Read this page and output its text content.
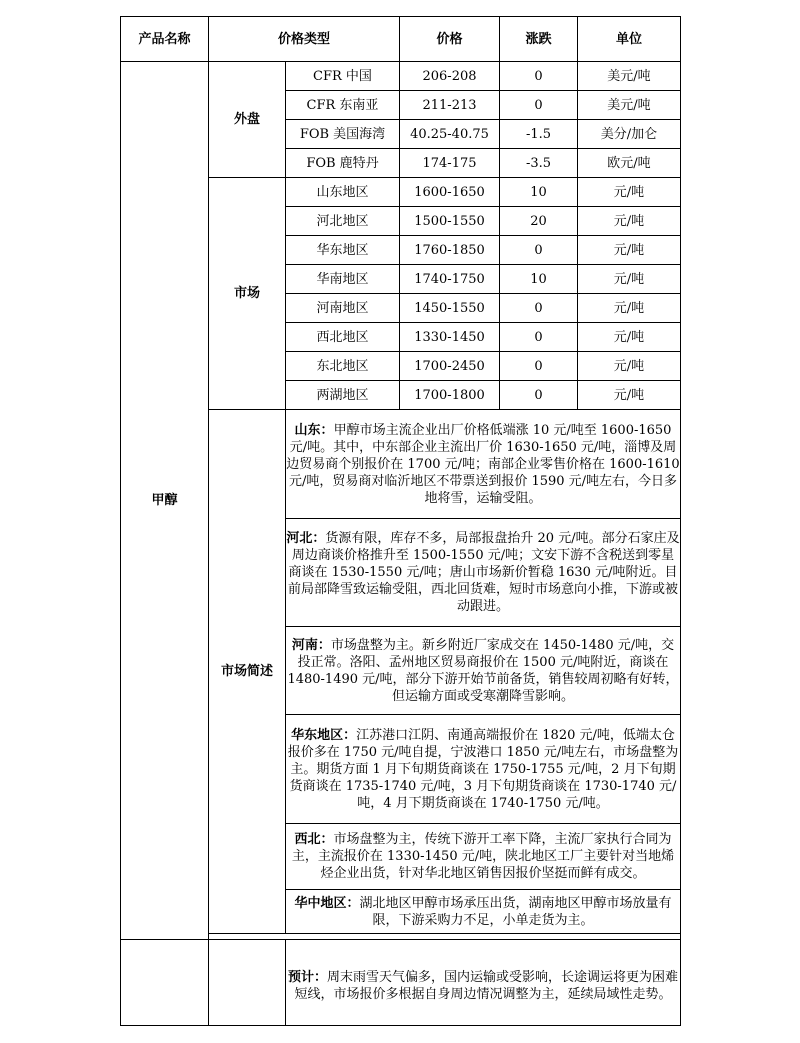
产品名称	价格类型		价格	涨跌	单位
甲醇	外盘	CFR 中国	206-208	0	美元/吨
		CFR 东南亚	211-213	0	美元/吨
		FOB 美国海湾	40.25-40.75	-1.5	美分/加仑
		FOB 鹿特丹	174-175	-3.5	欧元/吨
	市场	山东地区	1600-1650	10	元/吨
		河北地区	1500-1550	20	元/吨
		华东地区	1760-1850	0	元/吨
		华南地区	1740-1750	10	元/吨
		河南地区	1450-1550	0	元/吨
		西北地区	1330-1450	0	元/吨
		东北地区	1700-2450	0	元/吨
		两湖地区	1700-1800	0	元/吨
	市场简述	山东：甲醇市场主流企业出厂价格低端涨 10 元/吨至 1600-1650 元/吨。其中，中东部企业主流出厂价 1630-1650 元/吨，淄博及周边贸易商个别报价在 1700 元/吨；南部企业零售价格在 1600-1610 元/吨，贸易商对临沂地区不带票送到报价 1590 元/吨左右，今日多地将雪，运输受阻。			
		河北：货源有限，库存不多，局部报盘抬升 20 元/吨。部分石家庄及周边商谈价格推升至 1500-1550 元/吨；文安下游不含税送到零星商谈在 1530-1550 元/吨；唐山市场新价暂稳 1630 元/吨附近。目前局部降雪致运输受阻，西北回货难，短时市场意向小推，下游或被动跟进。			
		河南：市场盘整为主。新乡附近厂家成交在 1450-1480 元/吨，交投正常。洛阳、孟州地区贸易商报价在 1500 元/吨附近，商谈在 1480-1490 元/吨，部分下游开始节前备货，销售较周初略有好转，但运输方面或受寒潮降雪影响。			
		华东地区：江苏港口江阴、南通高端报价在 1820 元/吨，低端太仓报价多在 1750 元/吨自提，宁波港口 1850 元/吨左右，市场盘整为主。期货方面 1 月下旬期货商谈在 1750-1755 元/吨，2 月下旬期货商谈在 1735-1740 元/吨，3 月下旬期货商谈在 1730-1740 元/吨，4 月下期货商谈在 1740-1750 元/吨。			
		西北：市场盘整为主，传统下游开工率下降，主流厂家执行合同为主，主流报价在 1330-1450 元/吨，陕北地区工厂主要针对当地烯烃企业出货，针对华北地区销售因报价坚挺而鲜有成交。			
		华中地区：湖北地区甲醇市场承压出货，湖南地区甲醇市场放量有限，下游采购力不足，小单走货为主。			

		预计：周末雨雪天气偏多，国内运输或受影响，长途调运将更为困难短线，市场报价多根据自身周边情况调整为主，延续局域性走势。			
